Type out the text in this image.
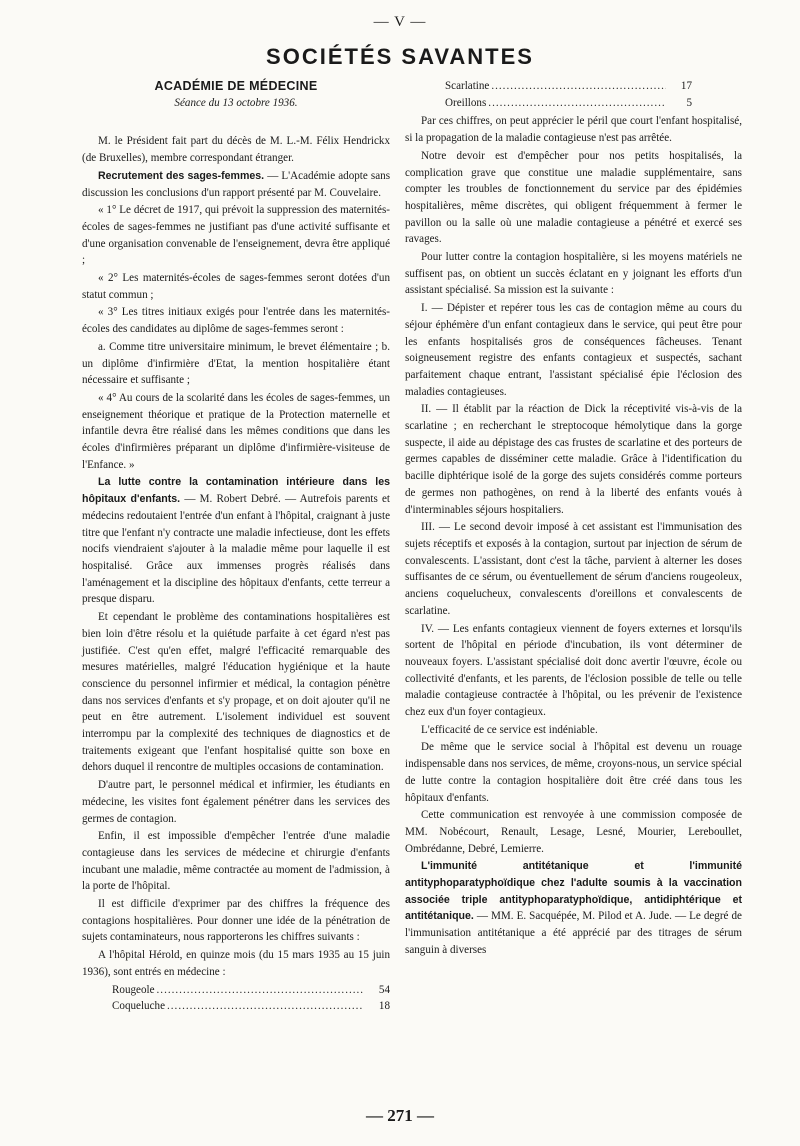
— V —
SOCIÉTÉS SAVANTES
ACADÉMIE DE MÉDECINE
Séance du 13 octobre 1936.

M. le Président fait part du décès de M. L.-M. Félix Hendrickx (de Bruxelles), membre correspondant étranger.

Recrutement des sages-femmes. — L'Académie adopte sans discussion les conclusions d'un rapport présenté par M. Couvelaire.

« 1° Le décret de 1917, qui prévoit la suppression des maternités-écoles de sages-femmes ne justifiant pas d'une activité suffisante et d'une organisation convenable de l'enseignement, devra être appliqué ;

« 2° Les maternités-écoles de sages-femmes seront dotées d'un statut commun ;

« 3° Les titres initiaux exigés pour l'entrée dans les maternités-écoles des candidates au diplôme de sages-femmes seront :

a. Comme titre universitaire minimum, le brevet élémentaire ; b. un diplôme d'infirmière d'Etat, la mention hospitalière étant nécessaire et suffisante ;

« 4° Au cours de la scolarité dans les écoles de sages-femmes, un enseignement théorique et pratique de la Protection maternelle et infantile devra être réalisé dans les mêmes conditions que dans les écoles d'infirmières préparant un diplôme d'infirmière-visiteuse de l'Enfance. »

La lutte contre la contamination intérieure dans les hôpitaux d'enfants. — M. Robert Debré. — Autrefois parents et médecins redoutaient l'entrée d'un enfant à l'hôpital, craignant à juste titre que l'enfant n'y contracte une maladie infectieuse, dont les effets nocifs viendraient s'ajouter à la maladie même pour laquelle il est hospitalisé. Grâce aux immenses progrès réalisés dans l'aménagement et la discipline des hôpitaux d'enfants, cette terreur a presque disparu.

Et cependant le problème des contaminations hospitalières est bien loin d'être résolu et la quiétude parfaite à cet égard n'est pas justifiée. C'est qu'en effet, malgré l'efficacité remarquable des mesures matérielles, malgré l'éducation hygiénique et la haute conscience du personnel infirmier et médical, la contagion pénètre dans nos services d'enfants et s'y propage, et on doit ajouter qu'il ne peut en être autrement. L'isolement individuel est souvent interrompu par la complexité des techniques de diagnostics et de traitements exigeant que l'enfant hospitalisé quitte son boxe en dehors duquel il rencontre de multiples occasions de contamination.

D'autre part, le personnel médical et infirmier, les étudiants en médecine, les visites font également pénétrer dans les services des germes de contagion.

Enfin, il est impossible d'empêcher l'entrée d'une maladie contagieuse dans les services de médecine et chirurgie d'enfants incubant une maladie, même contractée au moment de l'admission, à la porte de l'hôpital.

Il est difficile d'exprimer par des chiffres la fréquence des contagions hospitalières. Pour donner une idée de la pénétration de sujets contaminateurs, nous rapporterons les chiffres suivants :

A l'hôpital Hérold, en quinze mois (du 15 mars 1935 au 15 juin 1936), sont entrés en médecine :

Rougeole .....	54
Coqueluche .....	18
Scarlatine .....	17
Oreillons .....	5

Par ces chiffres, on peut apprécier le péril que court l'enfant hospitalisé, si la propagation de la maladie contagieuse n'est pas arrêtée.

Notre devoir est d'empêcher pour nos petits hospitalisés, la complication grave que constitue une maladie supplémentaire, sans compter les troubles de fonctionnement du service par des épidémies hospitalières, même discrètes, qui obligent fréquemment à fermer le pavillon ou la salle où une maladie contagieuse a pénétré et exercé ses ravages.

Pour lutter contre la contagion hospitalière, si les moyens matériels ne suffisent pas, on obtient un succès éclatant en y joignant les efforts d'un assistant spécialisé. Sa mission est la suivante :

I. — Dépister et repérer tous les cas de contagion même au cours du séjour éphémère d'un enfant contagieux dans le service, qui peut être pour les enfants hospitalisés gros de conséquences fâcheuses. Tenant soigneusement registre des enfants contagieux et suspectés, sachant parfaitement chaque entrant, l'assistant spécialisé épie l'éclosion des maladies contagieuses.

II. — Il établit par la réaction de Dick la réceptivité vis-à-vis de la scarlatine ; en recherchant le streptocoque hémolytique dans la gorge suspecte, il aide au dépistage des cas frustes de scarlatine et des porteurs de germes capables de disséminer cette maladie. Grâce à l'identification du bacille diphtérique isolé de la gorge des sujets considérés comme porteurs de germes non pathogènes, on rend à la liberté des enfants voués à d'interminables séjours hospitaliers.

III. — Le second devoir imposé à cet assistant est l'immunisation des sujets réceptifs et exposés à la contagion, surtout par injection de sérum de convalescents. L'assistant, dont c'est la tâche, parvient à alterner les doses suffisantes de ce sérum, ou éventuellement de sérum d'anciens rougeoleux, anciens coquelucheux, convalescents d'oreillons et convalescents de scarlatine.

IV. — Les enfants contagieux viennent de foyers externes et lorsqu'ils sortent de l'hôpital en période d'incubation, ils vont déterminer de nouveaux foyers. L'assistant spécialisé doit donc avertir l'œuvre, école ou collectivité d'enfants, et les parents, de l'éclosion possible de telle ou telle maladie contagieuse contractée à l'hôpital, ou les prévenir de l'existence chez eux d'un foyer contagieux.

L'efficacité de ce service est indéniable.

De même que le service social à l'hôpital est devenu un rouage indispensable dans nos services, de même, croyons-nous, un service spécial de lutte contre la contagion hospitalière doit être créé dans tous les hôpitaux d'enfants.

Cette communication est renvoyée à une commission composée de MM. Nobécourt, Renault, Lesage, Lesné, Mourier, Lereboullet, Ombrédanne, Debré, Lemierre.

L'immunité antitétanique et l'immunité antityphoparatyphoïdique chez l'adulte soumis à la vaccination associée triple antityphoparatyphoïdique, antidiphtérique et antitétanique. — MM. E. Sacquépée, M. Pilod et A. Jude. — Le degré de l'immunisation antitétanique a été apprécié par des titrages de sérum sanguin à diverses

— 271 —
